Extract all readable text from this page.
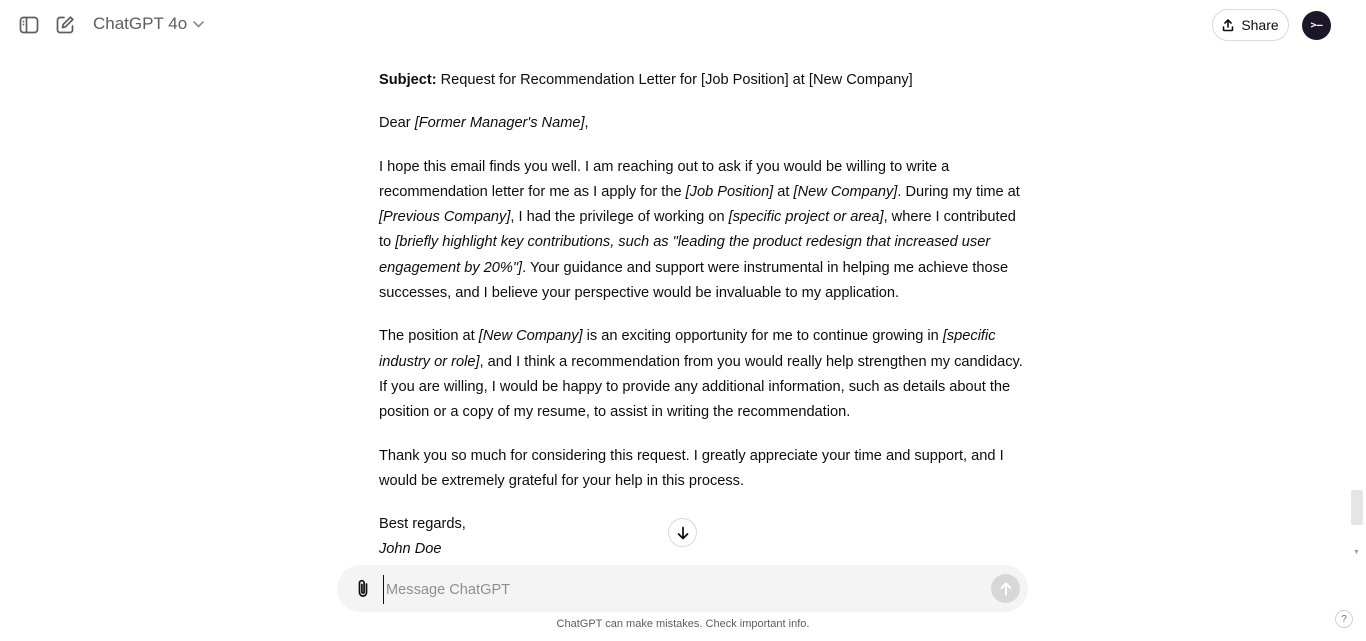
ChatGPT 4o	Share	>–

Subject: Request for Recommendation Letter for [Job Position] at [New Company]

Dear [Former Manager's Name],

I hope this email finds you well. I am reaching out to ask if you would be willing to write a recommendation letter for me as I apply for the [Job Position] at [New Company]. During my time at [Previous Company], I had the privilege of working on [specific project or area], where I contributed to [briefly highlight key contributions, such as "leading the product redesign that increased user engagement by 20%"]. Your guidance and support were instrumental in helping me achieve those successes, and I believe your perspective would be invaluable to my application.

The position at [New Company] is an exciting opportunity for me to continue growing in [specific industry or role], and I think a recommendation from you would really help strengthen my candidacy. If you are willing, I would be happy to provide any additional information, such as details about the position or a copy of my resume, to assist in writing the recommendation.

Thank you so much for considering this request. I greatly appreciate your time and support, and I would be extremely grateful for your help in this process.

Best regards,
John Doe

Message ChatGPT
ChatGPT can make mistakes. Check important info.	?
▼
